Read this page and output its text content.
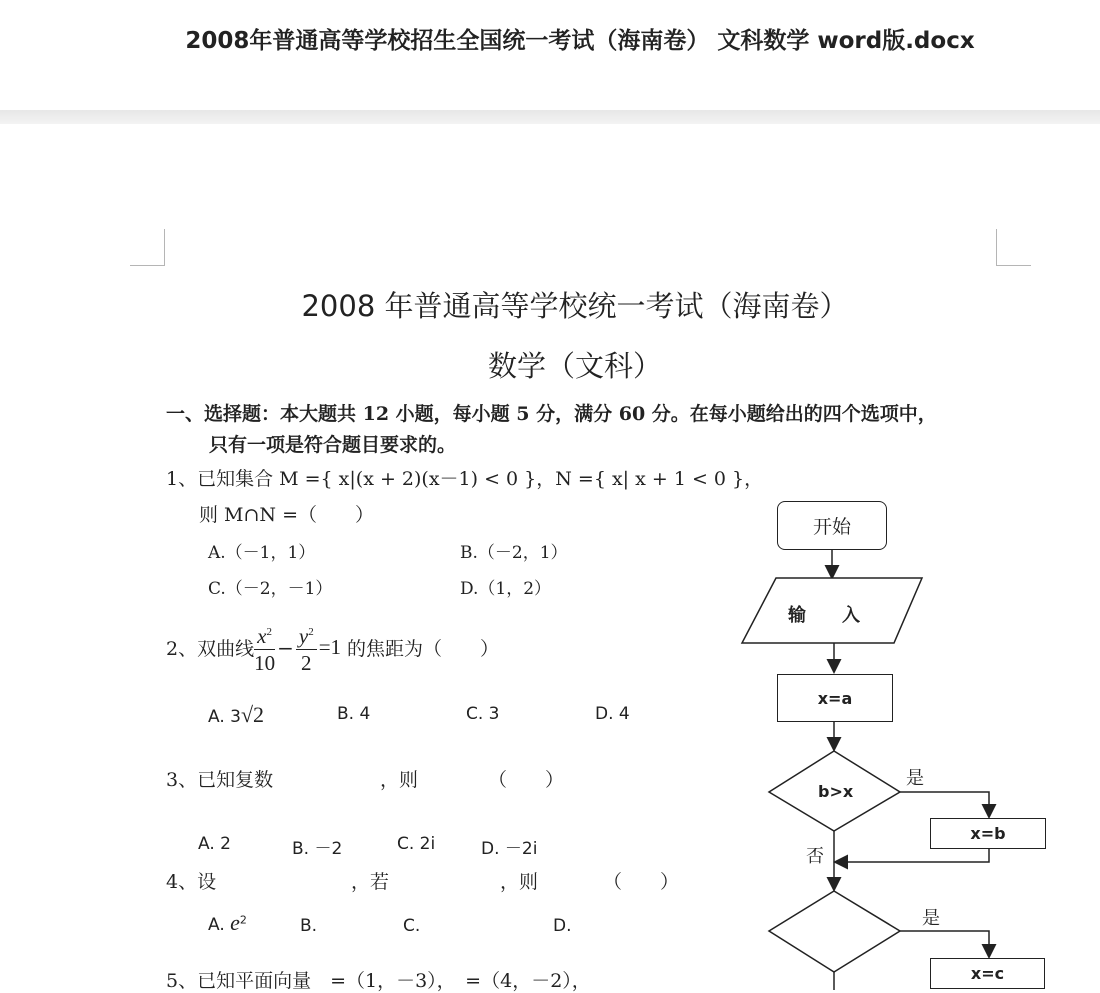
2008年普通高等学校招生全国统一考试（海南卷） 文科数学 word版.docx
2008 年普通高等学校统一考试（海南卷）
数学（文科）
一、选择题：本大题共 12 小题，每小题 5 分，满分 60 分。在每小题给出的四个选项中，
只有一项是符合题目要求的。
1、已知集合 M ={ x|(x + 2)(x－1) < 0 }，N ={ x| x + 1 < 0 }，
则 M∩N =（　　）
A.（－1，1）	B.（－2，1）
C.（－2，－1）	D.（1，2）
2、双曲线 $\frac{x^2}{10} - \frac{y^2}{2} =1$ 的焦距为（　　）
A. 3√2	B. 4	C. 3	D. 4
3、已知复数	，则	（　　）
A. 2	B. －2	C. 2i	D. －2i
4、设	，若	，则	（　　）
A. $e^2$	B.	C.	D.
5、已知平面向量　=（1，－3），　=（4，－2），
开始
输　　入
x=a
b>x
是
x=b
否
是
x=c
